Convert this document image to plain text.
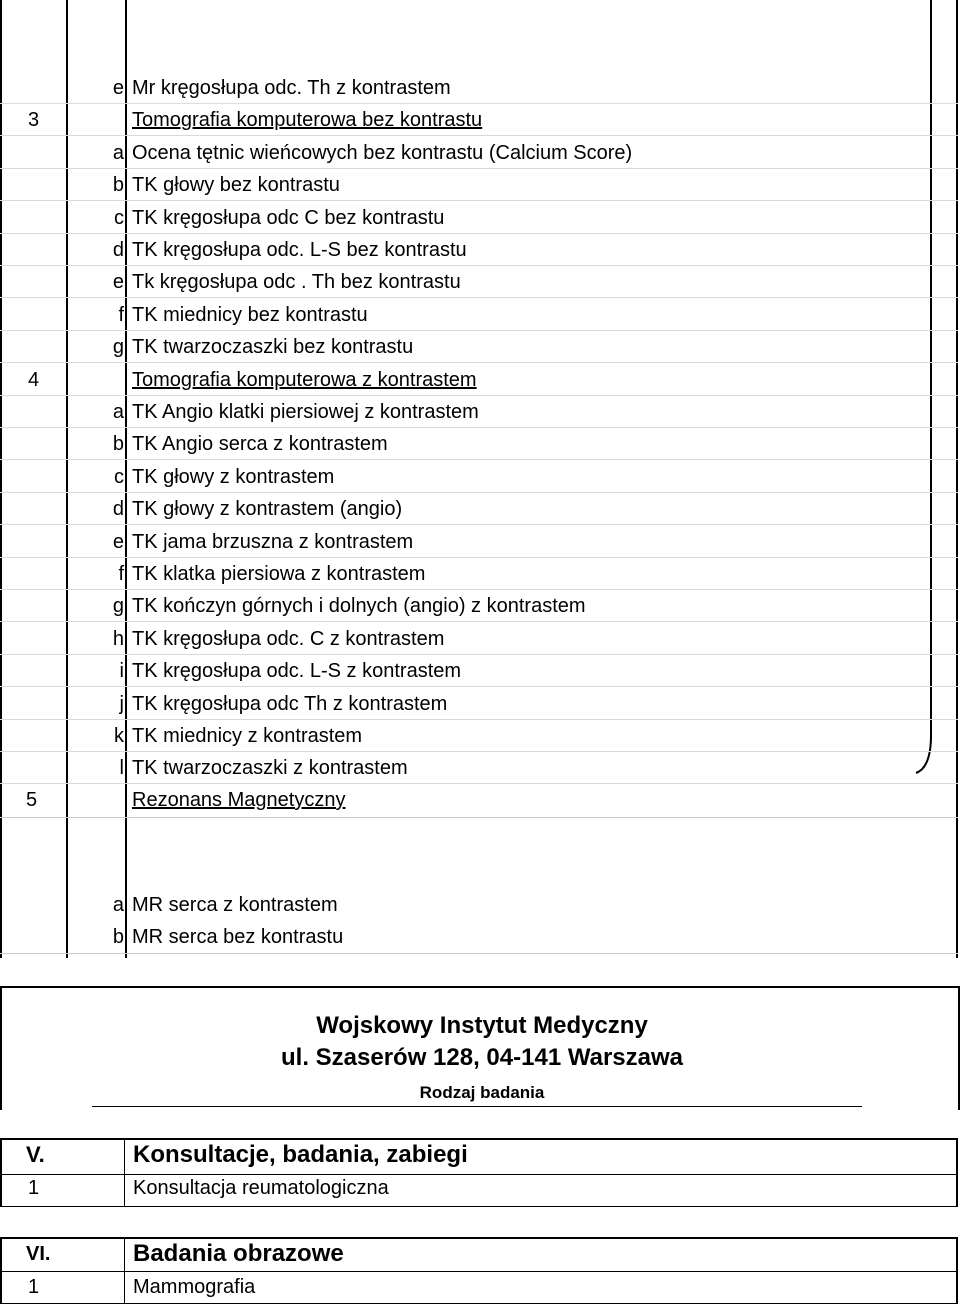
e Mr kręgosłupa odc. Th z kontrastem
3	Tomografia komputerowa bez kontrastu
a Ocena tętnic wieńcowych bez kontrastu (Calcium Score)
b TK głowy bez kontrastu
c TK kręgosłupa odc C bez kontrastu
d TK kręgosłupa odc. L-S bez kontrastu
e Tk kręgosłupa odc . Th bez kontrastu
f TK miednicy bez kontrastu
g TK twarzoczaszki bez kontrastu
4	Tomografia komputerowa z kontrastem
a TK Angio klatki piersiowej z kontrastem
b TK Angio serca z kontrastem
c TK głowy z kontrastem
d TK głowy z kontrastem (angio)
e TK jama brzuszna z kontrastem
f TK klatka piersiowa z kontrastem
g TK kończyn górnych i dolnych (angio) z kontrastem
h TK kręgosłupa odc. C z kontrastem
i TK kręgosłupa odc. L-S z kontrastem
j TK kręgosłupa odc Th z kontrastem
k TK miednicy z kontrastem
l TK twarzoczaszki z kontrastem
5	Rezonans Magnetyczny
a MR serca z kontrastem
b MR serca bez kontrastu
Wojskowy Instytut Medyczny
ul. Szaserów 128, 04-141 Warszawa
Rodzaj badania
V.	Konsultacje, badania, zabiegi
1	Konsultacja reumatologiczna
VI.	Badania obrazowe
1	Mammografia
